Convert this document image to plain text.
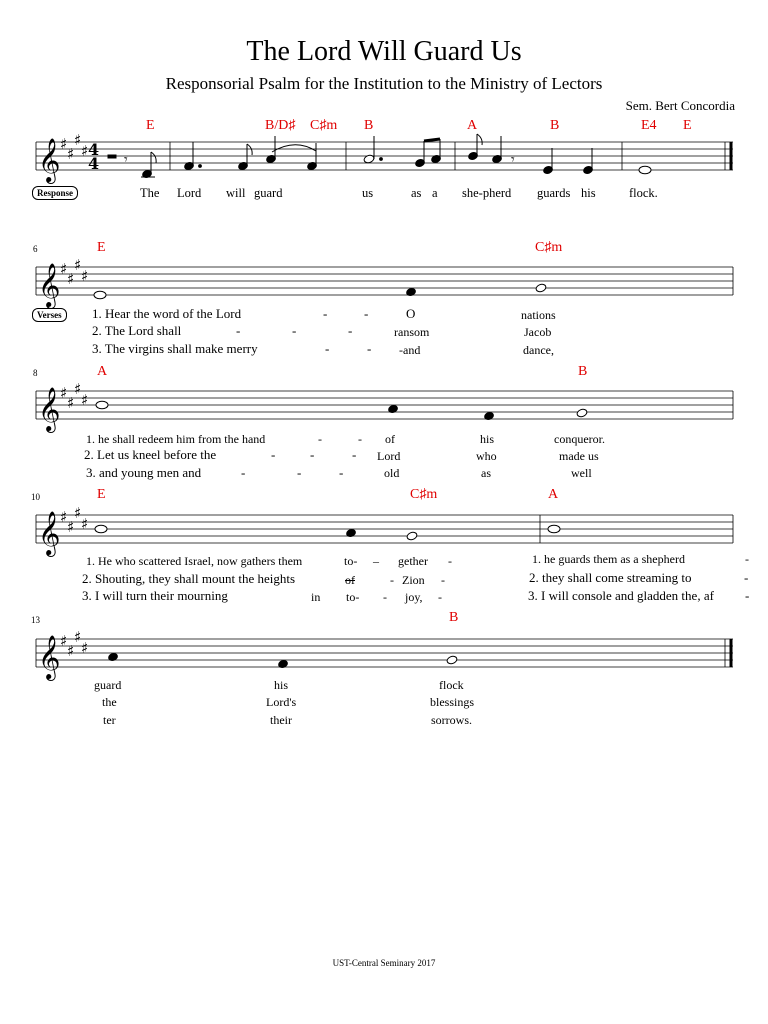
The Lord Will Guard Us
Responsorial Psalm for the Institution to the Ministry of Lectors
Sem. Bert Concordia
𝄞 ♯
♯
♯
♯ 4
4 𝄾	𝄾
𝄞 ♯
♯
♯
♯
𝄞 ♯
♯
♯
♯
𝄞 ♯
♯
♯
♯
𝄞 ♯
♯
♯
♯
6
8
10
13
Response
Verses
E	B/D♯ C♯m B	A	B	E4 E
The Lord will guard	us	as a she-pherd guards his	flock.
E	C♯m
1. Hear the word of the Lord	-	-	O	nations
2. The Lord shall	-	-	-	ransom	Jacob
3. The virgins shall make merry	-	- -and	dance,
A	B
1. he shall redeem him from the hand	-	- of	his	conqueror.
2. Let us kneel before the	-	-	- Lord	who	made us
3. and young men and	-	-	-	old	as	well
E	C♯m	A
1. He who scattered Israel, now gathers them	to- – gether -	1. he guards them as a shepherd	-
2. Shouting, they shall mount the heights	of	- Zion -	2. they shall come streaming to	-
3. I will turn their mourning	in to- - joy, -	3. I will console and gladden the, af -
B
guard	his	flock
the	Lord's	blessings
ter	their	sorrows.
UST-Central Seminary 2017
